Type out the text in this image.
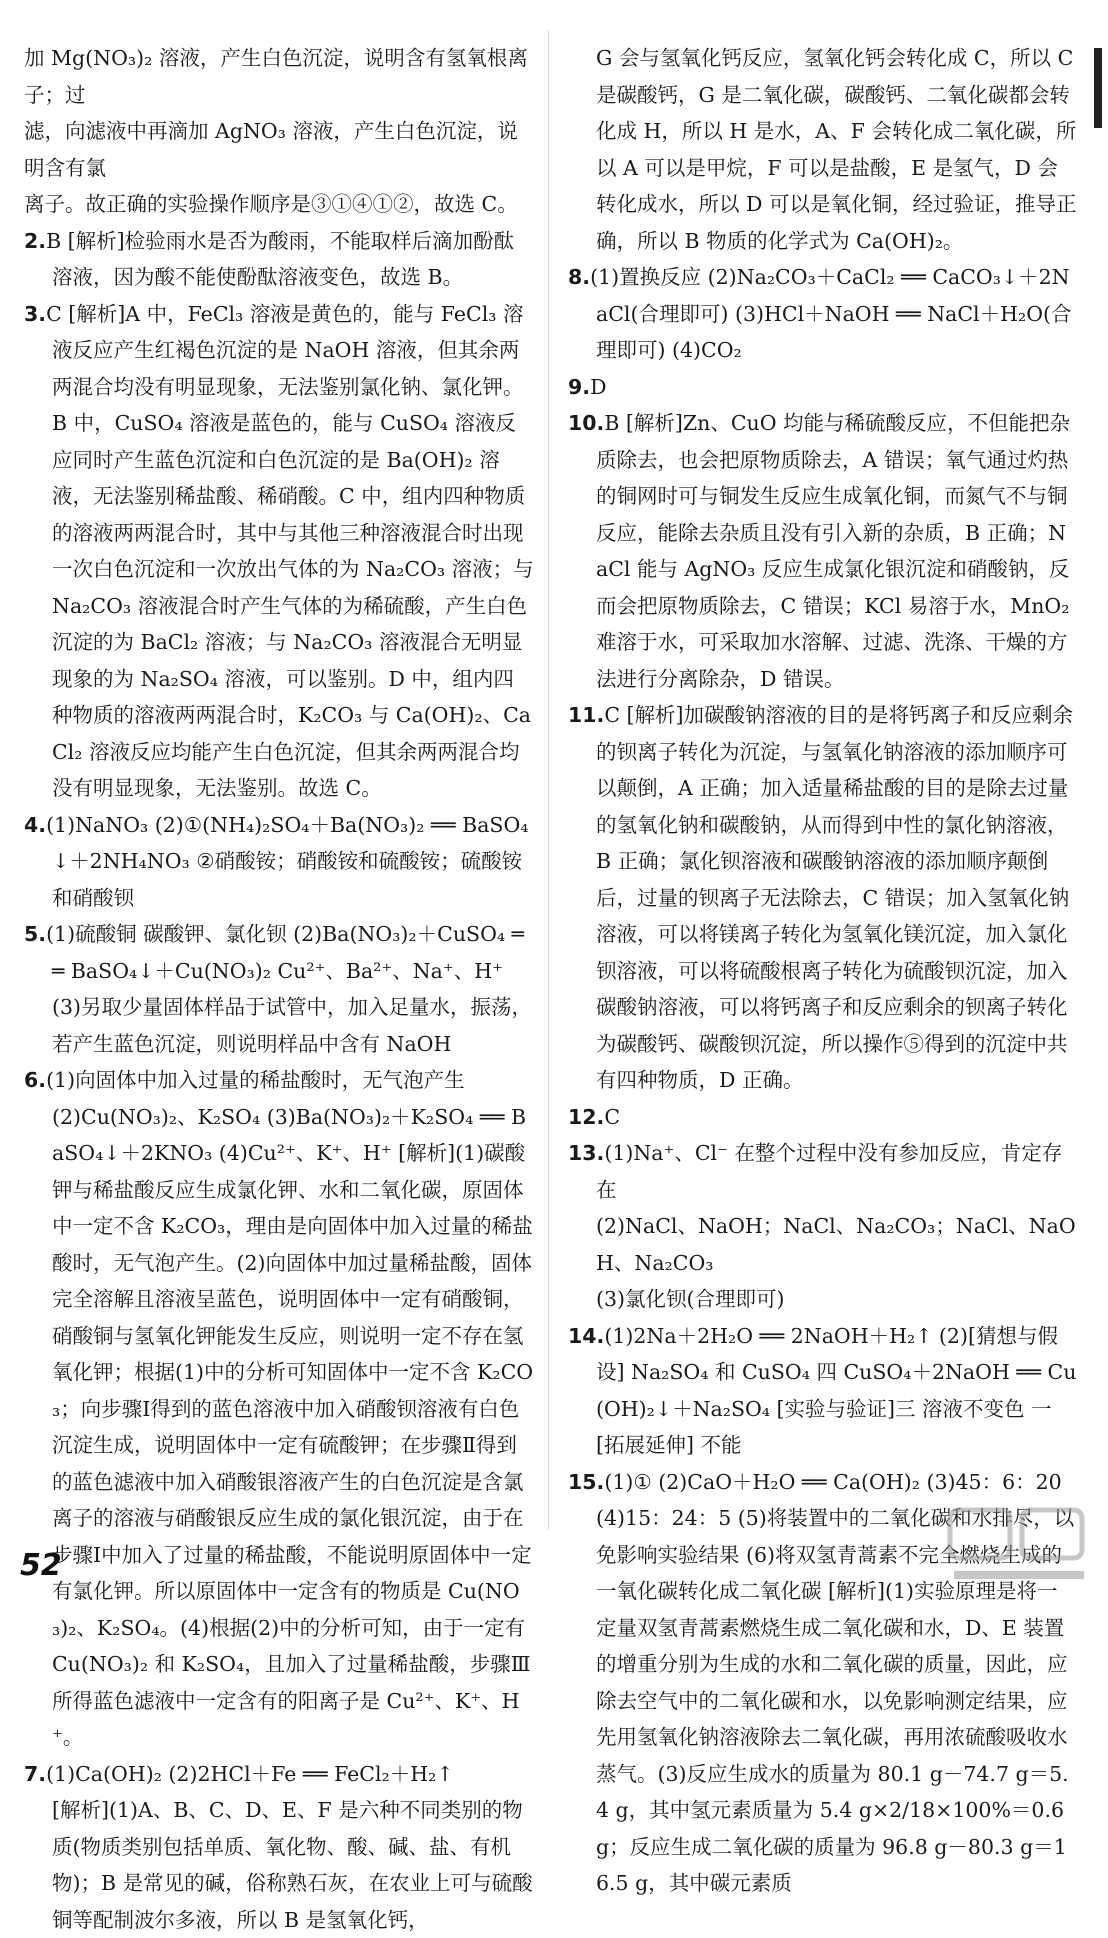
加 Mg(NO₃)₂ 溶液，产生白色沉淀，说明含有氢氧根离子；过

滤，向滤液中再滴加 AgNO₃ 溶液，产生白色沉淀，说明含有氯

离子。故正确的实验操作顺序是③①④①②，故选 C。

2.B [解析]检验雨水是否为酸雨，不能取样后滴加酚酞溶液，因为酸不能使酚酞溶液变色，故选 B。

3.C [解析]A 中，FeCl₃ 溶液是黄色的，能与 FeCl₃ 溶液反应产生红褐色沉淀的是 NaOH 溶液，但其余两两混合均没有明显现象，无法鉴别氯化钠、氯化钾。B 中，CuSO₄ 溶液是蓝色的，能与 CuSO₄ 溶液反应同时产生蓝色沉淀和白色沉淀的是 Ba(OH)₂ 溶液，无法鉴别稀盐酸、稀硝酸。C 中，组内四种物质的溶液两两混合时，其中与其他三种溶液混合时出现一次白色沉淀和一次放出气体的为 Na₂CO₃ 溶液；与 Na₂CO₃ 溶液混合时产生气体的为稀硫酸，产生白色沉淀的为 BaCl₂ 溶液；与 Na₂CO₃ 溶液混合无明显现象的为 Na₂SO₄ 溶液，可以鉴别。D 中，组内四种物质的溶液两两混合时，K₂CO₃ 与 Ca(OH)₂、CaCl₂ 溶液反应均能产生白色沉淀，但其余两两混合均没有明显现象，无法鉴别。故选 C。

4.(1)NaNO₃ (2)①(NH₄)₂SO₄＋Ba(NO₃)₂ ══ BaSO₄↓＋2NH₄NO₃ ②硝酸铵；硝酸铵和硫酸铵；硫酸铵和硝酸钡

5.(1)硫酸铜 碳酸钾、氯化钡 (2)Ba(NO₃)₂＋CuSO₄ ══ BaSO₄↓＋Cu(NO₃)₂ Cu²⁺、Ba²⁺、Na⁺、H⁺ (3)另取少量固体样品于试管中，加入足量水，振荡，若产生蓝色沉淀，则说明样品中含有 NaOH

6.(1)向固体中加入过量的稀盐酸时，无气泡产生

(2)Cu(NO₃)₂、K₂SO₄ (3)Ba(NO₃)₂＋K₂SO₄ ══ BaSO₄↓＋2KNO₃ (4)Cu²⁺、K⁺、H⁺ [解析](1)碳酸钾与稀盐酸反应生成氯化钾、水和二氧化碳，原固体中一定不含 K₂CO₃，理由是向固体中加入过量的稀盐酸时，无气泡产生。(2)向固体中加过量稀盐酸，固体完全溶解且溶液呈蓝色，说明固体中一定有硝酸铜，硝酸铜与氢氧化钾能发生反应，则说明一定不存在氢氧化钾；根据(1)中的分析可知固体中一定不含 K₂CO₃；向步骤Ⅰ得到的蓝色溶液中加入硝酸钡溶液有白色沉淀生成，说明固体中一定有硫酸钾；在步骤Ⅱ得到的蓝色滤液中加入硝酸银溶液产生的白色沉淀是含氯离子的溶液与硝酸银反应生成的氯化银沉淀，由于在步骤Ⅰ中加入了过量的稀盐酸，不能说明原固体中一定有氯化钾。所以原固体中一定含有的物质是 Cu(NO₃)₂、K₂SO₄。(4)根据(2)中的分析可知，由于一定有 Cu(NO₃)₂ 和 K₂SO₄，且加入了过量稀盐酸，步骤Ⅲ所得蓝色滤液中一定含有的阳离子是 Cu²⁺、K⁺、H⁺。

7.(1)Ca(OH)₂ (2)2HCl＋Fe ══ FeCl₂＋H₂↑

[解析](1)A、B、C、D、E、F 是六种不同类别的物质(物质类别包括单质、氧化物、酸、碱、盐、有机物)；B 是常见的碱，俗称熟石灰，在农业上可与硫酸铜等配制波尔多液，所以 B 是氢氧化钙，

G 会与氢氧化钙反应，氢氧化钙会转化成 C，所以 C 是碳酸钙，G 是二氧化碳，碳酸钙、二氧化碳都会转化成 H，所以 H 是水，A、F 会转化成二氧化碳，所以 A 可以是甲烷，F 可以是盐酸，E 是氢气，D 会转化成水，所以 D 可以是氧化铜，经过验证，推导正确，所以 B 物质的化学式为 Ca(OH)₂。

8.(1)置换反应 (2)Na₂CO₃＋CaCl₂ ══ CaCO₃↓＋2NaCl(合理即可) (3)HCl＋NaOH ══ NaCl＋H₂O(合理即可) (4)CO₂

9.D

10.B [解析]Zn、CuO 均能与稀硫酸反应，不但能把杂质除去，也会把原物质除去，A 错误；氧气通过灼热的铜网时可与铜发生反应生成氧化铜，而氮气不与铜反应，能除去杂质且没有引入新的杂质，B 正确；NaCl 能与 AgNO₃ 反应生成氯化银沉淀和硝酸钠，反而会把原物质除去，C 错误；KCl 易溶于水，MnO₂ 难溶于水，可采取加水溶解、过滤、洗涤、干燥的方法进行分离除杂，D 错误。

11.C [解析]加碳酸钠溶液的目的是将钙离子和反应剩余的钡离子转化为沉淀，与氢氧化钠溶液的添加顺序可以颠倒，A 正确；加入适量稀盐酸的目的是除去过量的氢氧化钠和碳酸钠，从而得到中性的氯化钠溶液，B 正确；氯化钡溶液和碳酸钠溶液的添加顺序颠倒后，过量的钡离子无法除去，C 错误；加入氢氧化钠溶液，可以将镁离子转化为氢氧化镁沉淀，加入氯化钡溶液，可以将硫酸根离子转化为硫酸钡沉淀，加入碳酸钠溶液，可以将钙离子和反应剩余的钡离子转化为碳酸钙、碳酸钡沉淀，所以操作⑤得到的沉淀中共有四种物质，D 正确。

12.C

13.(1)Na⁺、Cl⁻ 在整个过程中没有参加反应，肯定存在

(2)NaCl、NaOH；NaCl、Na₂CO₃；NaCl、NaOH、Na₂CO₃

(3)氯化钡(合理即可)

14.(1)2Na＋2H₂O ══ 2NaOH＋H₂↑ (2)[猜想与假设] Na₂SO₄ 和 CuSO₄ 四 CuSO₄＋2NaOH ══ Cu(OH)₂↓＋Na₂SO₄ [实验与验证]三 溶液不变色 一 [拓展延伸] 不能

15.(1)① (2)CaO＋H₂O ══ Ca(OH)₂ (3)45：6：20

(4)15：24：5 (5)将装置中的二氧化碳和水排尽，以免影响实验结果 (6)将双氢青蒿素不完全燃烧生成的一氧化碳转化成二氧化碳 [解析](1)实验原理是将一定量双氢青蒿素燃烧生成二氧化碳和水，D、E 装置的增重分别为生成的水和二氧化碳的质量，因此，应除去空气中的二氧化碳和水，以免影响测定结果，应先用氢氧化钠溶液除去二氧化碳，再用浓硫酸吸收水蒸气。(3)反应生成水的质量为 80.1 g－74.7 g＝5.4 g，其中氢元素质量为 5.4 g×2/18×100%＝0.6 g；反应生成二氧化碳的质量为 96.8 g－80.3 g＝16.5 g，其中碳元素质

52
